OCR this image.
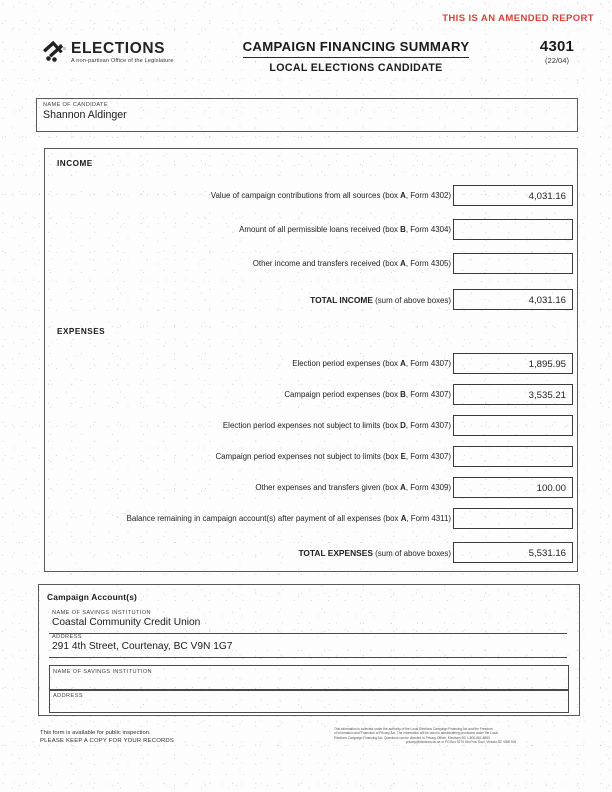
THIS IS AN AMENDED REPORT
ELECTIONS
A non-partisan Office of the Legislature
CAMPAIGN FINANCING SUMMARY
LOCAL ELECTIONS CANDIDATE
4301
(22/04)
NAME OF CANDIDATE
Shannon Aldinger
INCOME
Value of campaign contributions from all sources (box A, Form 4302)	4,031.16
Amount of all permissible loans received (box B, Form 4304)
Other income and transfers received (box A, Form 4305)
TOTAL INCOME (sum of above boxes)	4,031.16
EXPENSES
Election period expenses (box A, Form 4307)	1,895.95
Campaign period expenses (box B, Form 4307)	3,535.21
Election period expenses not subject to limits (box D, Form 4307)
Campaign period expenses not subject to limits (box E, Form 4307)
Other expenses and transfers given (box A, Form 4309)	100.00
Balance remaining in campaign account(s) after payment of all expenses (box A, Form 4311)
TOTAL EXPENSES (sum of above boxes)	5,531.16
Campaign Account(s)
NAME OF SAVINGS INSTITUTION
Coastal Community Credit Union
ADDRESS
291 4th Street, Courtenay, BC V9N 1G7
NAME OF SAVINGS INSTITUTION
ADDRESS
This form is available for public inspection.
PLEASE KEEP A COPY FOR YOUR RECORDS
This information is collected under the authority of the Local Elections Campaign Financing Act and the Freedom
of Information and Protection of Privacy Act. The information will be used in administering provisions under the Local
Elections Campaign Financing Act. Questions can be directed to Privacy Officer, Elections BC 1-800-661-8683
privacy@elections.bc.ca or PO Box 9275 Stn Prov Govt, Victoria BC V8W 9J6
